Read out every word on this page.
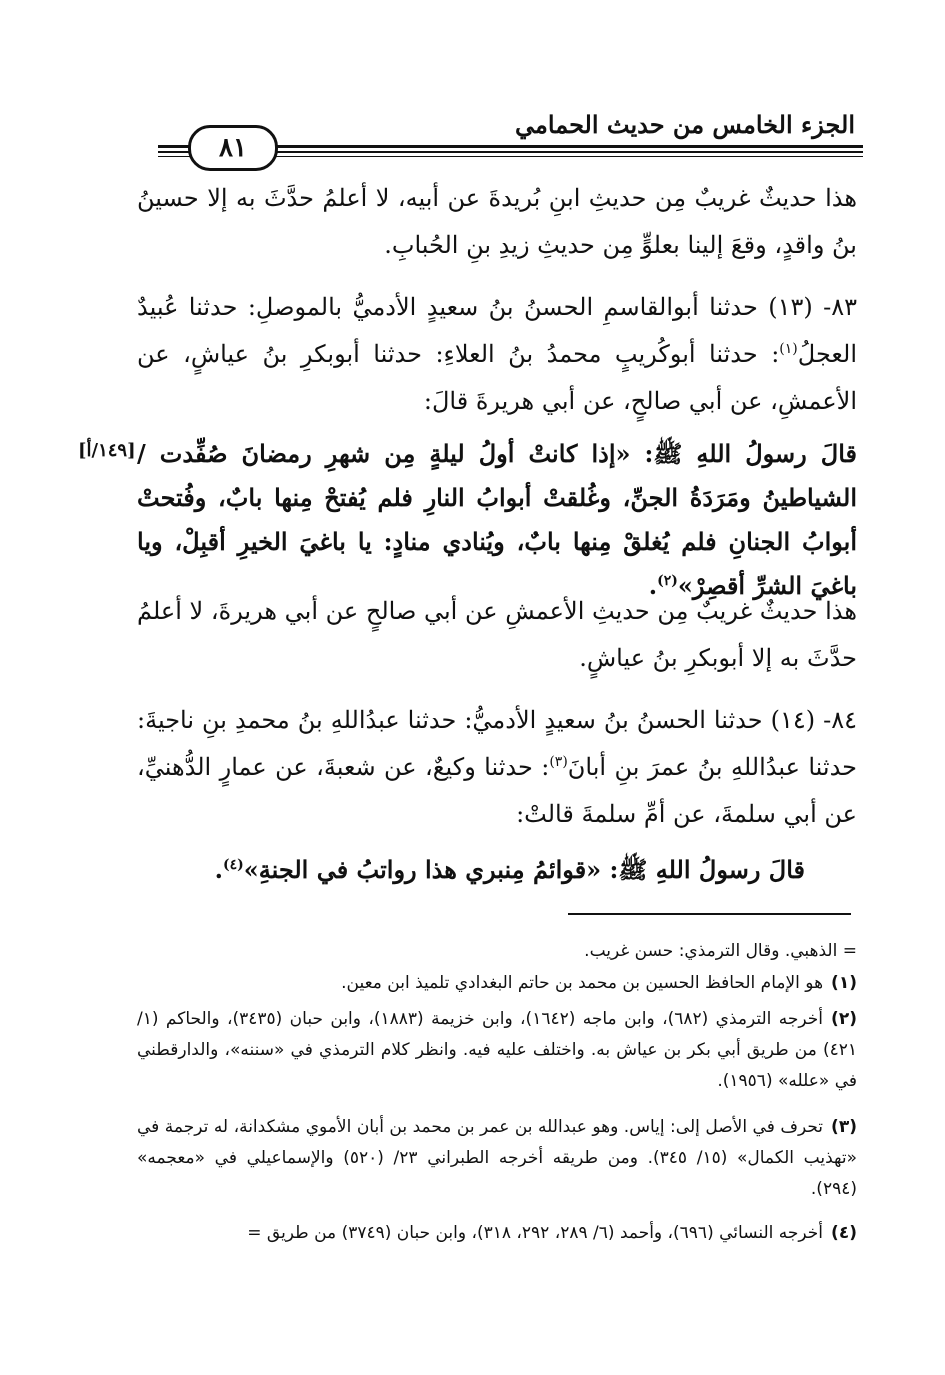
الجزء الخامس من حديث الحمامي
٨١
هذا حديثٌ غريبٌ مِن حديثِ ابنِ بُريدةَ عن أبيه، لا أعلمُ حدَّثَ به إلا حسينُ بنُ واقدٍ، وقعَ إلينا بعلوٍّ مِن حديثِ زيدِ بنِ الحُبابِ.
٨٣- (١٣) حدثنا أبوالقاسمِ الحسنُ بنُ سعيدٍ الأدميُّ بالموصلِ: حدثنا عُبيدٌ العجلُ$^{(١)}$: حدثنا أبوكُريبٍ محمدُ بنُ العلاءِ: حدثنا أبوبكرِ بنُ عياشٍ، عن الأعمشِ، عن أبي صالحٍ، عن أبي هريرةَ قالَ:
[١٤٩/أ] قالَ رسولُ اللهِ ﷺ: «إذا كانتْ أولُ ليلةٍ مِن شهرِ رمضانَ صُفِّدت / الشياطينُ ومَرَدَةُ الجنِّ، وغُلقتْ أبوابُ النارِ فلم يُفتحْ مِنها بابٌ، وفُتحتْ أبوابُ الجنانِ فلم يُغلقْ مِنها بابٌ، ويُنادي منادٍ: يا باغيَ الخيرِ أقبِلْ، ويا باغيَ الشرِّ أقصِرْ»$^{(٢)}$.
هذا حديثٌ غريبٌ مِن حديثِ الأعمشِ عن أبي صالحٍ عن أبي هريرةَ، لا أعلمُ حدَّثَ به إلا أبوبكرِ بنُ عياشٍ.
٨٤- (١٤) حدثنا الحسنُ بنُ سعيدٍ الأدميُّ: حدثنا عبدُاللهِ بنُ محمدِ بنِ ناجيةَ: حدثنا عبدُاللهِ بنُ عمرَ بنِ أبانَ$^{(٣)}$: حدثنا وكيعٌ، عن شعبةَ، عن عمارٍ الدُّهنيِّ، عن أبي سلمةَ، عن أمِّ سلمةَ قالتْ:
قالَ رسولُ اللهِ ﷺ: «قوائمُ مِنبري هذا رواتبُ في الجنةِ»$^{(٤)}$.
= الذهبي. وقال الترمذي: حسن غريب.
(١)هو الإمام الحافظ الحسين بن محمد بن حاتم البغدادي تلميذ ابن معين.
(٢)أخرجه الترمذي (٦٨٢)، وابن ماجه (١٦٤٢)، وابن خزيمة (١٨٨٣)، وابن حبان (٣٤٣٥)، والحاكم (١/ ٤٢١) من طريق أبي بكر بن عياش به. واختلف عليه فيه. وانظر كلام الترمذي في «سننه»، والدارقطني في «علله» (١٩٥٦).
(٣)تحرف في الأصل إلى: إياس. وهو عبدالله بن عمر بن محمد بن أبان الأموي مشكدانة، له ترجمة في «تهذيب الكمال» (١٥/ ٣٤٥). ومن طريقه أخرجه الطبراني ٢٣/ (٥٢٠) والإسماعيلي في «معجمه» (٢٩٤).
(٤)أخرجه النسائي (٦٩٦)، وأحمد (٦/ ٢٨٩، ٢٩٢، ٣١٨)، وابن حبان (٣٧٤٩) من طريق =
